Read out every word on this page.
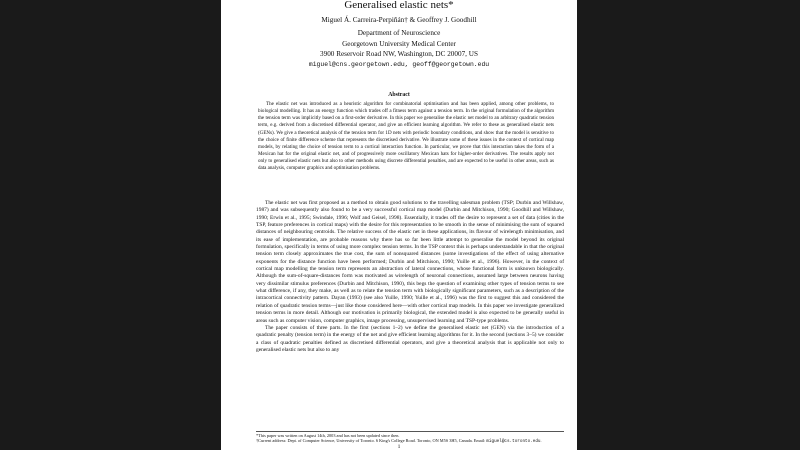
Generalised elastic nets*
Miguel Á. Carreira-Perpiñán† & Geoffrey J. Goodhill
Department of Neuroscience
Georgetown University Medical Center
3900 Reservoir Road NW, Washington, DC 20007, US
miguel@cns.georgetown.edu, geoff@georgetown.edu
Abstract
The elastic net was introduced as a heuristic algorithm for combinatorial optimisation and has been applied, among other problems, to biological modelling. It has an energy function which trades off a fitness term against a tension term. In the original formulation of the algorithm the tension term was implicitly based on a first-order derivative. In this paper we generalise the elastic net model to an arbitrary quadratic tension term, e.g. derived from a discretised differential operator, and give an efficient learning algorithm. We refer to these as generalised elastic nets (GENs). We give a theoretical analysis of the tension term for 1D nets with periodic boundary conditions, and show that the model is sensitive to the choice of finite difference scheme that represents the discretised derivative. We illustrate some of these issues in the context of cortical map models, by relating the choice of tension term to a cortical interaction function. In particular, we prove that this interaction takes the form of a Mexican hat for the original elastic net, and of progressively more oscillatory Mexican hats for higher-order derivatives. The results apply not only to generalised elastic nets but also to other methods using discrete differential penalties, and are expected to be useful in other areas, such as data analysis, computer graphics and optimisation problems.

The elastic net was first proposed as a method to obtain good solutions to the travelling salesman problem (TSP; Durbin and Willshaw, 1987) and was subsequently also found to be a very successful cortical map model (Durbin and Mitchison, 1990; Goodhill and Willshaw, 1990; Erwin et al., 1995; Swindale, 1996; Wolf and Geisel, 1998). Essentially, it trades off the desire to represent a set of data (cities in the TSP, feature preferences in cortical maps) with the desire for this representation to be smooth in the sense of minimising the sum of squared distances of neighbouring centroids. The relative success of the elastic net in these applications, its flavour of wirelength minimisation, and its ease of implementation, are probable reasons why there has so far been little attempt to generalise the model beyond its original formulation, specifically in terms of using more complex tension terms. In the TSP context this is perhaps understandable in that the original tension term closely approximates the true cost, the sum of nonsquared distances (some investigations of the effect of using alternative exponents for the distance function have been performed; Durbin and Mitchison, 1990; Yuille et al., 1996). However, in the context of cortical map modelling the tension term represents an abstraction of lateral connections, whose functional form is unknown biologically. Although the sum-of-square-distances form was motivated as wirelength of neuronal connections, assumed large between neurons having very dissimilar stimulus preferences (Durbin and Mitchison, 1990), this begs the question of examining other types of tension terms to see what difference, if any, they make, as well as to relate the tension term with biologically significant parameters, such as a description of the intracortical connectivity pattern. Dayan (1993) (see also Yuille, 1990; Yuille et al., 1996) was the first to suggest this and considered the relation of quadratic tension terms—just like those considered here—with other cortical map models. In this paper we investigate generalized tension terms in more detail. Although our motivation is primarily biological, the extended model is also expected to be generally useful in areas such as computer vision, computer graphics, image processing, unsupervised learning and TSP-type problems.

The paper consists of three parts. In the first (sections 1–2) we define the generalised elastic net (GEN) via the introduction of a quadratic penalty (tension term) in the energy of the net and give efficient learning algorithms for it. In the second (sections 3–5) we consider a class of quadratic penalties defined as discretised differential operators, and give a theoretical analysis that is applicable not only to generalised elastic nets but also to any

*This paper was written on August 14th, 2003 and has not been updated since then.
†Current address: Dept. of Computer Science, University of Toronto. 6 King's College Road. Toronto, ON M5S 3H5, Canada. Email: miguel@cs.toronto.edu.
1
